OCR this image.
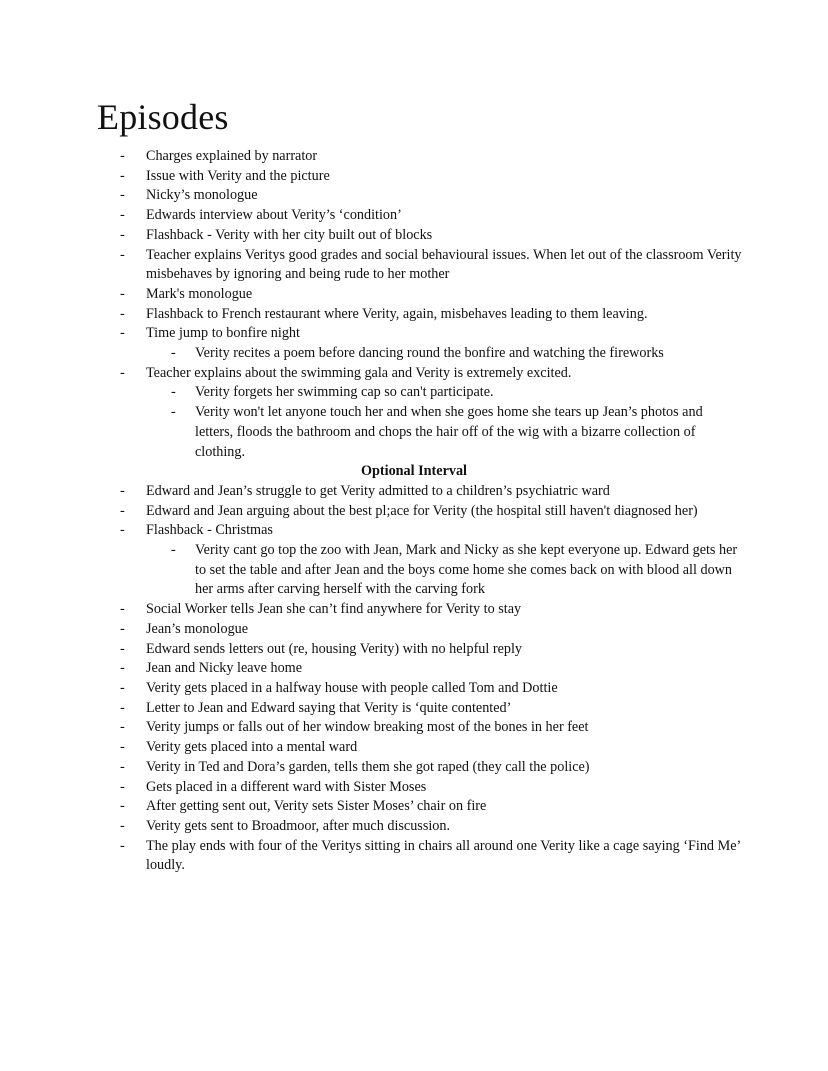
Episodes
- Charges explained by narrator
- Issue with Verity and the picture
- Nicky’s monologue
- Edwards interview about Verity’s ‘condition’
- Flashback - Verity with her city built out of blocks
- Teacher explains Veritys good grades and social behavioural issues. When let out of the classroom Verity misbehaves by ignoring and being rude to her mother
- Mark's monologue
- Flashback to French restaurant where Verity, again, misbehaves leading to them leaving.
- Time jump to bonfire night
- Verity recites a poem before dancing round the bonfire and watching the fireworks
- Teacher explains about the swimming gala and Verity is extremely excited.
- Verity forgets her swimming cap so can't participate.
- Verity won't let anyone touch her and when she goes home she tears up Jean’s photos and letters, floods the bathroom and chops the hair off of the wig with a bizarre collection of clothing.
Optional Interval
- Edward and Jean’s struggle to get Verity admitted to a children’s psychiatric ward
- Edward and Jean arguing about the best pl;ace for Verity (the hospital still haven't diagnosed her)
- Flashback - Christmas
- Verity cant go top the zoo with Jean, Mark and Nicky as she kept everyone up. Edward gets her to set the table and after Jean and the boys come home she comes back on with blood all down her arms after carving herself with the carving fork
- Social Worker tells Jean she can’t find anywhere for Verity to stay
- Jean’s monologue
- Edward sends letters out (re, housing Verity) with no helpful reply
- Jean and Nicky leave home
- Verity gets placed in a halfway house with people called Tom and Dottie
- Letter to Jean and Edward saying that Verity is ‘quite contented’
- Verity jumps or falls out of her window breaking most of the bones in her feet
- Verity gets placed into a mental ward
- Verity in Ted and Dora’s garden, tells them she got raped (they call the police)
- Gets placed in a different ward with Sister Moses
- After getting sent out, Verity sets Sister Moses’ chair on fire
- Verity gets sent to Broadmoor, after much discussion.
- The play ends with four of the Veritys sitting in chairs all around one Verity like a cage saying ‘Find Me’ loudly.
